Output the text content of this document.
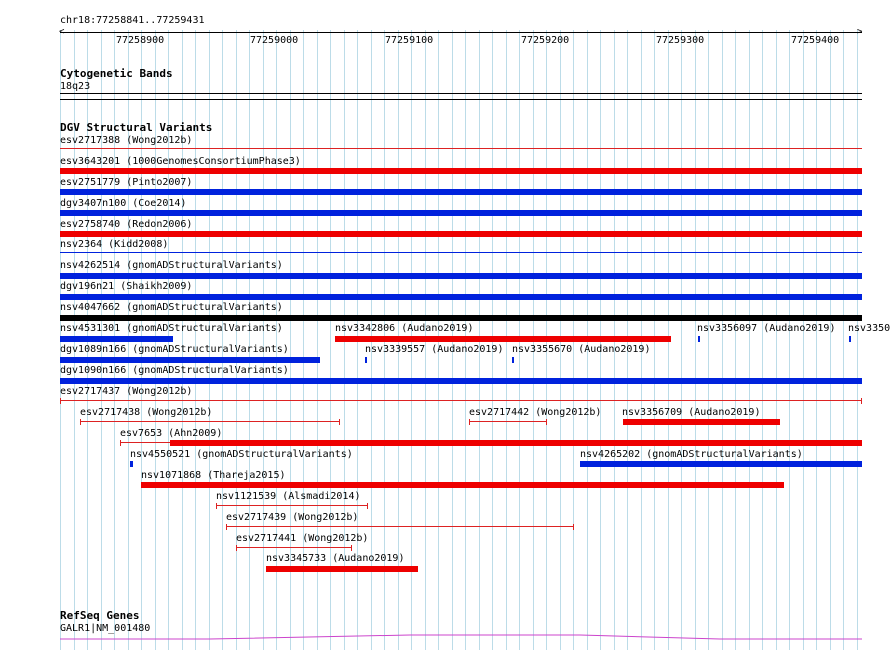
chr18:77258841..77259431
<	>
77258900	77259000	77259100	77259200	77259300	77259400
Cytogenetic Bands
18q23
DGV Structural Variants
esv2717388 (Wong2012b)
esv3643201 (1000GenomesConsortiumPhase3)
esv2751779 (Pinto2007)
dgv3407n100 (Coe2014)
esv2758740 (Redon2006)
nsv2364 (Kidd2008)
nsv4262514 (gnomADStructuralVariants)
dgv196n21 (Shaikh2009)
nsv4047662 (gnomADStructuralVariants)
nsv4531301 (gnomADStructuralVariants)	nsv3342806 (Audano2019)	nsv3356097 (Audano2019) nsv3350
dgv1089n166 (gnomADStructuralVariants)	nsv3339557 (Audano2019) nsv3355670 (Audano2019)
dgv1090n166 (gnomADStructuralVariants)
esv2717437 (Wong2012b)
esv2717438 (Wong2012b)	esv2717442 (Wong2012b) nsv3356709 (Audano2019)
esv7653 (Ahn2009)
nsv4550521 (gnomADStructuralVariants)	nsv4265202 (gnomADStructuralVariants)
nsv1071868 (Thareja2015)
nsv1121539 (Alsmadi2014)
esv2717439 (Wong2012b)
esv2717441 (Wong2012b)
nsv3345733 (Audano2019)
RefSeq Genes
GALR1|NM_001480
